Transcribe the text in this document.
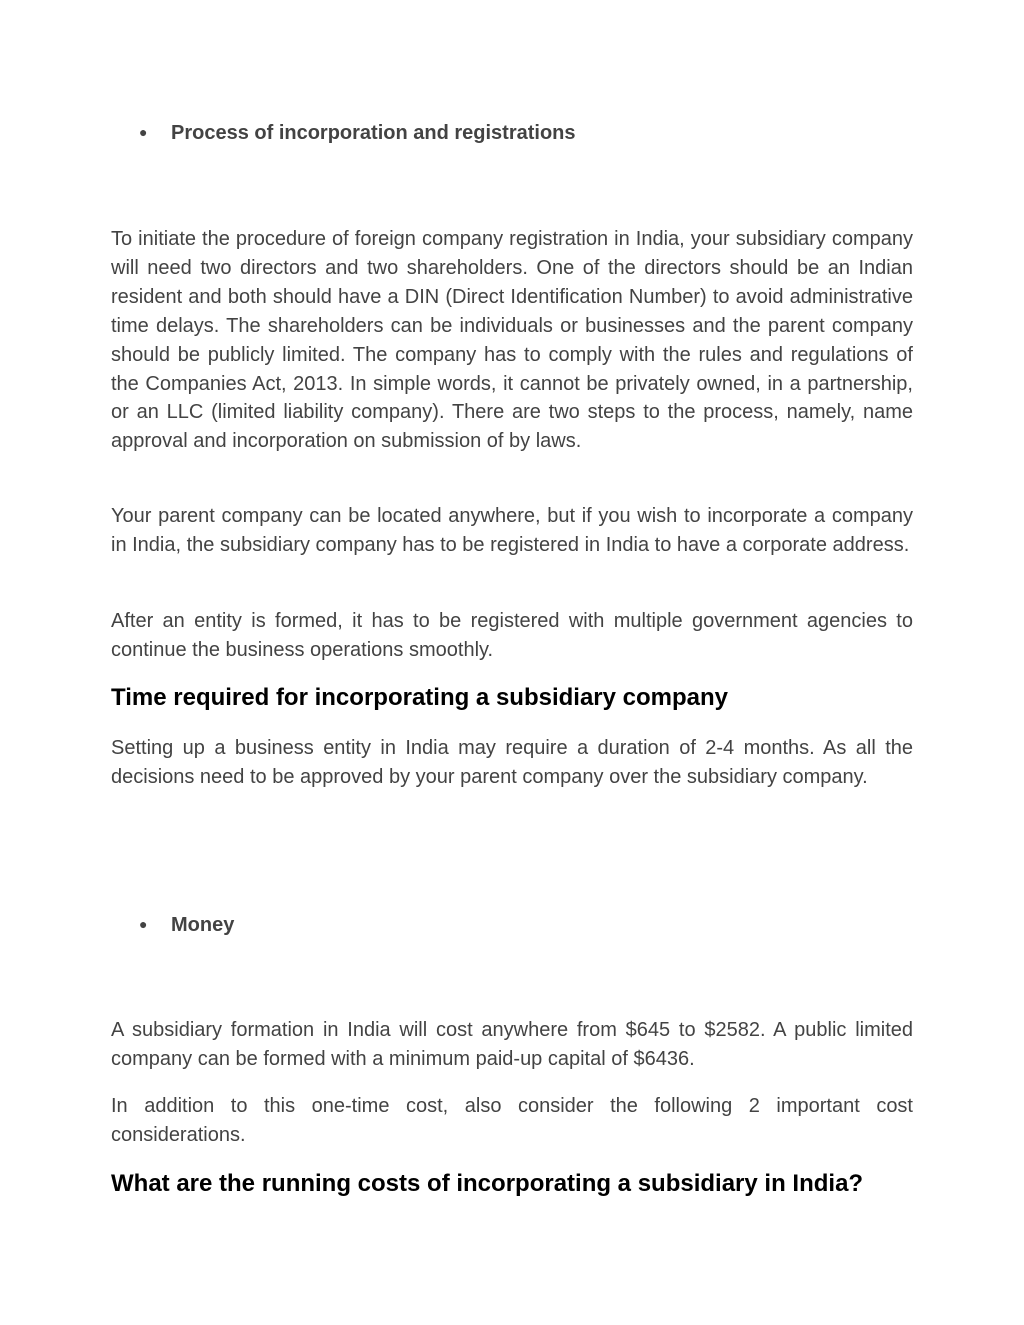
● Process of incorporation and registrations

To initiate the procedure of foreign company registration in India, your subsidiary company will need two directors and two shareholders. One of the directors should be an Indian resident and both should have a DIN (Direct Identification Number) to avoid administrative time delays. The shareholders can be individuals or businesses and the parent company should be publicly limited. The company has to comply with the rules and regulations of the Companies Act, 2013. In simple words, it cannot be privately owned, in a partnership, or an LLC (limited liability company). There are two steps to the process, namely, name approval and incorporation on submission of by laws.

Your parent company can be located anywhere, but if you wish to incorporate a company in India, the subsidiary company has to be registered in India to have a corporate address.

After an entity is formed, it has to be registered with multiple government agencies to continue the business operations smoothly.

Time required for incorporating a subsidiary company

Setting up a business entity in India may require a duration of 2-4 months. As all the decisions need to be approved by your parent company over the subsidiary company.

● Money

A subsidiary formation in India will cost anywhere from $645 to $2582. A public limited company can be formed with a minimum paid-up capital of $6436.

In addition to this one-time cost, also consider the following 2 important cost considerations.

What are the running costs of incorporating a subsidiary in India?
